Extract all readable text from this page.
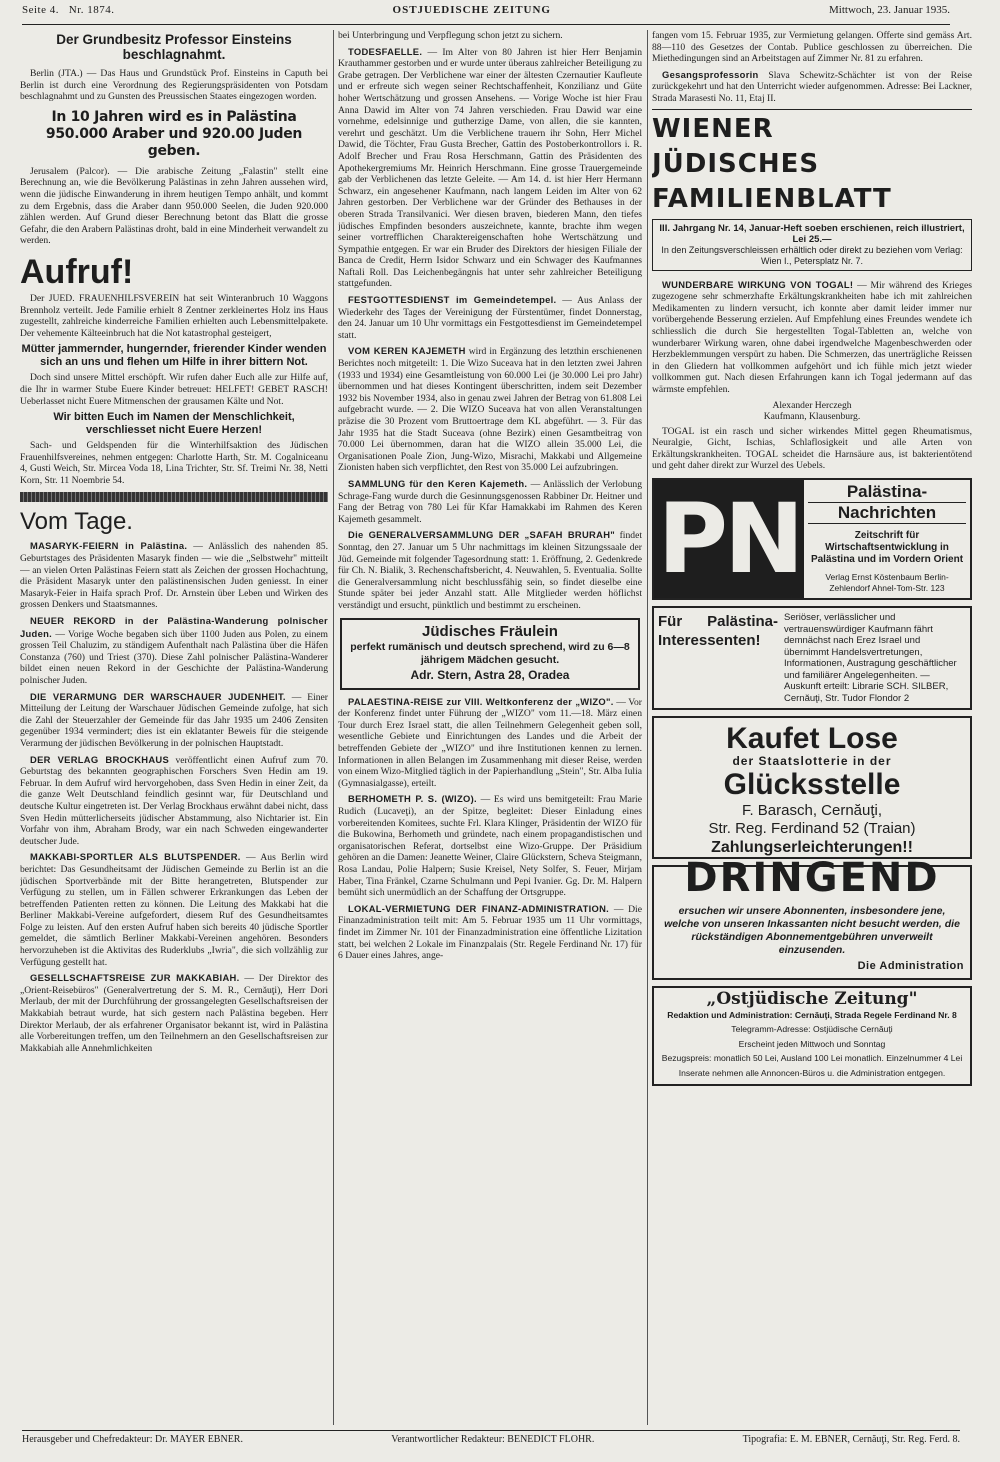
Seite 4. Nr. 1874.	OSTJUEDISCHE ZEITUNG	Mittwoch, 23. Januar 1935.
Der Grundbesitz Professor Einsteins beschlagnahmt.

Berlin (JTA.) — Das Haus und Grundstück Prof. Einsteins in Caputh bei Berlin ist durch eine Verordnung des Regierungspräsidenten von Potsdam beschlagnahmt und zu Gunsten des Preussischen Staates eingezogen worden.

In 10 Jahren wird es in Palästina 950.000 Araber und 920.00 Juden geben.

Jerusalem (Palcor). — Die arabische Zeitung „Falastin" stellt eine Berechnung an, wie die Bevölkerung Palästinas in zehn Jahren aussehen wird, wenn die jüdische Einwanderung in ihrem heutigen Tempo anhält, und kommt zu dem Ergebnis, dass die Araber dann 950.000 Seelen, die Juden 920.000 zählen werden. Auf Grund dieser Berechnung betont das Blatt die grosse Gefahr, die den Arabern Palästinas droht, bald in eine Minderheit verwandelt zu werden.

Aufruf!

Der JUED. FRAUENHILFSVEREIN hat seit Winteranbruch 10 Waggons Brennholz verteilt. Jede Familie erhielt 8 Zentner zerkleinertes Holz ins Haus zugestellt, zahlreiche kinderreiche Familien erhielten auch Lebensmittelpakete. Der vehemente Kälteeinbruch hat die Not katastrophal gesteigert,

Mütter jammernder, hungernder, frierender Kinder wenden sich an uns und flehen um Hilfe in ihrer bittern Not.

Doch sind unsere Mittel erschöpft. Wir rufen daher Euch alle zur Hilfe auf, die Ihr in warmer Stube Euere Kinder betreuet: HELFET! GEBET RASCH! Ueberlasset nicht Euere Mitmenschen der grausamen Kälte und Not.

Wir bitten Euch im Namen der Menschlichkeit, verschliesset nicht Euere Herzen!

Sach- und Geldspenden für die Winterhilfsaktion des Jüdischen Frauenhilfsvereines, nehmen entgegen: Charlotte Harth, Str. M. Cogalniceanu 4, Gusti Weich, Str. Mircea Voda 18, Lina Trichter, Str. Sf. Treimi Nr. 38, Netti Korn, Str. 11 Noembrie 54.

Vom Tage.

MASARYK-FEIERN in Palästina. — Anlässlich des nahenden 85. Geburtstages des Präsidenten Masaryk finden — wie die „Selbstwehr" mitteilt — an vielen Orten Palästinas Feiern statt als Zeichen der grossen Hochachtung, die Präsident Masaryk unter den palästinensischen Juden geniesst. In einer Masaryk-Feier in Haifa sprach Prof. Dr. Arnstein über Leben und Wirken des grossen Denkers und Staatsmannes.

NEUER REKORD in der Palästina-Wanderung polnischer Juden. — Vorige Woche begaben sich über 1100 Juden aus Polen, zu einem grossen Teil Chaluzim, zu ständigem Aufenthalt nach Palästina über die Häfen Constanza (760) und Triest (370). Diese Zahl polnischer Palästina-Wanderer bildet einen neuen Rekord in der Geschichte der Palästina-Wanderung polnischer Juden.

DIE VERARMUNG DER WARSCHAUER JUDENHEIT. — Einer Mitteilung der Leitung der Warschauer Jüdischen Gemeinde zufolge, hat sich die Zahl der Steuerzahler der Gemeinde für das Jahr 1935 um 2406 Zensiten gegenüber 1934 vermindert; dies ist ein eklatanter Beweis für die steigende Verarmung der jüdischen Bevölkerung in der polnischen Hauptstadt.

DER VERLAG BROCKHAUS veröffentlicht einen Aufruf zum 70. Geburtstag des bekannten geographischen Forschers Sven Hedin am 19. Februar. In dem Aufruf wird hervorgehoben, dass Sven Hedin in einer Zeit, da die ganze Welt Deutschland feindlich gesinnt war, für Deutschland und deutsche Kultur eingetreten ist. Der Verlag Brockhaus erwähnt dabei nicht, dass Sven Hedin mütterlicherseits jüdischer Abstammung, also Nichtarier ist. Ein Vorfahr von ihm, Abraham Brody, war ein nach Schweden eingewanderter deutscher Jude.

MAKKABI-SPORTLER ALS BLUTSPENDER. — Aus Berlin wird berichtet: Das Gesundheitsamt der Jüdischen Gemeinde zu Berlin ist an die jüdischen Sportverbände mit der Bitte herangetreten, Blutspender zur Verfügung zu stellen, um in Fällen schwerer Erkrankungen das Leben der betreffenden Patienten retten zu können. Die Leitung des Makkabi hat die Berliner Makkabi-Vereine aufgefordert, diesem Ruf des Gesundheitsamtes Folge zu leisten. Auf den ersten Aufruf haben sich bereits 40 jüdische Sportler gemeldet, die sämtlich Berliner Makkabi-Vereinen angehören. Besonders hervorzuheben ist die Aktivitas des Ruderklubs „Iwria", die sich vollzählig zur Verfügung gestellt hat.

GESELLSCHAFTSREISE ZUR MAKKABIAH. — Der Direktor des „Orient-Reisebüros" (Generalvertretung der S. M. R., Cernăuţi), Herr Dori Merlaub, der mit der Durchführung der grossangelegten Gesellschaftsreisen der Makkabiah betraut wurde, hat sich gestern nach Palästina begeben. Herr Direktor Merlaub, der als erfahrener Organisator bekannt ist, wird in Palästina alle Vorbereitungen treffen, um den Teilnehmern an den Gesellschaftsreisen zur Makkabiah alle Annehmlichkeiten

bei Unterbringung und Verpflegung schon jetzt zu sichern.

TODESFAELLE. — Im Alter von 80 Jahren ist hier Herr Benjamin Krauthammer gestorben und er wurde unter überaus zahlreicher Beteiligung zu Grabe getragen. Der Verblichene war einer der ältesten Czernautier Kaufleute und er erfreute sich wegen seiner Rechtschaffenheit, Konzilianz und Güte hoher Wertschätzung und grossen Ansehens. — Vorige Woche ist hier Frau Anna Dawid im Alter von 74 Jahren verschieden. Frau Dawid war eine vornehme, edelsinnige und gutherzige Dame, von allen, die sie kannten, verehrt und geschätzt. Um die Verblichene trauern ihr Sohn, Herr Michel Dawid, die Töchter, Frau Gusta Brecher, Gattin des Postoberkontrollors i. R. Adolf Brecher und Frau Rosa Herschmann, Gattin des Präsidenten des Apothekergremiums Mr. Heinrich Herschmann. Eine grosse Trauergemeinde gab der Verblichenen das letzte Geleite. — Am 14. d. ist hier Herr Hermann Schwarz, ein angesehener Kaufmann, nach langem Leiden im Alter von 62 Jahren gestorben. Der Verblichene war der Gründer des Bethauses in der oberen Strada Transilvanici. Wer diesen braven, biederen Mann, den tiefes jüdisches Empfinden besonders auszeichnete, kannte, brachte ihm wegen seiner vortrefflichen Charaktereigenschaften hohe Wertschätzung und Sympathie entgegen. Er war ein Bruder des Direktors der hiesigen Filiale der Banca de Credit, Herrn Isidor Schwarz und ein Schwager des Kaufmannes Naftali Roll. Das Leichenbegängnis hat unter sehr zahlreicher Beteiligung stattgefunden.

FESTGOTTESDIENST im Gemeindetempel. — Aus Anlass der Wiederkehr des Tages der Vereinigung der Fürstentümer, findet Donnerstag, den 24. Januar um 10 Uhr vormittags ein Festgottesdienst im Gemeindetempel statt.

VOM KEREN KAJEMETH wird in Ergänzung des letzthin erschienenen Berichtes noch mitgeteilt: 1. Die Wizo Suceava hat in den letzten zwei Jahren (1933 und 1934) eine Gesamtleistung von 60.000 Lei (je 30.000 Lei pro Jahr) übernommen und hat dieses Kontingent überschritten, indem seit Dezember 1932 bis November 1934, also in genau zwei Jahren der Betrag von 61.808 Lei aufgebracht wurde. — 2. Die WIZO Suceava hat von allen Veranstaltungen präzise die 30 Prozent vom Bruttoertrage dem KL abgeführt. — 3. Für das Jahr 1935 hat die Stadt Suceava (ohne Bezirk) einen Gesamtbeitrag von 70.000 Lei übernommen, daran hat die WIZO allein 35.000 Lei, die Organisationen Poale Zion, Jung-Wizo, Misrachi, Makkabi und Allgemeine Zionisten haben sich verpflichtet, den Rest von 35.000 Lei aufzubringen.

SAMMLUNG für den Keren Kajemeth. — Anlässlich der Verlobung Schrage-Fang wurde durch die Gesinnungsgenossen Rabbiner Dr. Heitner und Fang der Betrag von 780 Lei für Kfar Hamakkabi im Rahmen des Keren Kajemeth gesammelt.

Die GENERALVERSAMMLUNG DER „SAFAH BRURAH" findet Sonntag, den 27. Januar um 5 Uhr nachmittags im kleinen Sitzungssaale der Jüd. Gemeinde mit folgender Tagesordnung statt: 1. Eröffnung, 2. Gedenkrede für Ch. N. Bialik, 3. Rechenschaftsbericht, 4. Neuwahlen, 5. Eventualia. Sollte die Generalversammlung nicht beschlussfähig sein, so findet dieselbe eine Stunde später bei jeder Anzahl statt. Alle Mitglieder werden höflichst verständigt und ersucht, pünktlich und bestimmt zu erscheinen.

Jüdisches Fräulein
perfekt rumänisch und deutsch sprechend, wird zu 6—8 jährigem Mädchen gesucht.
Adr. Stern, Astra 28, Oradea

PALAESTINA-REISE zur VIII. Weltkonferenz der „WIZO". — Vor der Konferenz findet unter Führung der „WIZO" vom 11.—18. März einen Tour durch Erez Israel statt, die allen Teilnehmern Gelegenheit geben soll, wesentliche Gebiete und Einrichtungen des Landes und die Arbeit der betreffenden Gebiete der „WIZO" und ihre Institutionen kennen zu lernen. Informationen in allen Belangen im Zusammenhang mit dieser Reise, werden von einem Wizo-Mitglied täglich in der Papierhandlung „Stein", Str. Alba Iulia (Gymnasialgasse), erteilt.

BERHOMETH P. S. (WIZO). — Es wird uns bemitgeteilt: Frau Marie Rudich (Lucaveţi), an der Spitze, begleitet: Dieser Einladung eines vorbereitenden Komitees, suchte Frl. Klara Klinger, Präsidentin der WIZO für die Bukowina, Berhometh und gründete, nach einem propagandistischen und organisatorischen Referat, dortselbst eine Wizo-Gruppe. Der Präsidium gehören an die Damen: Jeanette Weiner, Claire Glückstern, Scheva Steigmann, Rosa Landau, Polie Halpern; Susie Kreisel, Nety Solfer, S. Feuer, Mirjam Haber, Tina Fränkel, Czarne Schulmann und Pepi Ivanier. Gg. Dr. M. Halpern bemüht sich unermüdlich an der Schaffung der Ortsgruppe.

LOKAL-VERMIETUNG DER FINANZ-ADMINISTRATION. — Die Finanzadministration teilt mit: Am 5. Februar 1935 um 11 Uhr vormittags, findet im Zimmer Nr. 101 der Finanzadministration eine öffentliche Lizitation statt, bei welchen 2 Lokale im Finanzpalais (Str. Regele Ferdinand Nr. 17) für 6 Dauer eines Jahres, ange-

fangen vom 15. Februar 1935, zur Vermietung gelangen. Offerte sind gemäss Art. 88—110 des Gesetzes der Contab. Publice geschlossen zu überreichen. Die Miethedingungen sind an Arbeitstagen auf Zimmer Nr. 81 zu erfahren.

Gesangsprofessorin Slava Schewitz-Schächter ist von der Reise zurückgekehrt und hat den Unterricht wieder aufgenommen. Adresse: Bei Lackner, Strada Marasesti No. 11, Etaj II.

WIENER
JÜDISCHES
FAMILIENBLATT
III. Jahrgang Nr. 14, Januar-Heft soeben erschienen, reich illustriert, Lei 25.—
In den Zeitungsverschleissen erhältlich oder direkt zu beziehen vom Verlag: Wien I., Petersplatz Nr. 7.

WUNDERBARE WIRKUNG VON TOGAL! — Mir während des Krieges zugezogene sehr schmerzhafte Erkältungskrankheiten habe ich mit zahlreichen Medikamenten zu lindern versucht, ich konnte aber damit leider immer nur vorübergehende Besserung erzielen. Auf Empfehlung eines Freundes wendete ich schliesslich die durch Sie hergestellten Togal-Tabletten an, welche von wunderbarer Wirkung waren, ohne dabei irgendwelche Magenbeschwerden oder Herzbeklemmungen verspürt zu haben. Die Schmerzen, das unerträgliche Reissen in den Gliedern hat vollkommen aufgehört und ich fühle mich jetzt wieder vollkommen gut. Nach diesen Erfahrungen kann ich Togal jedermann auf das wärmste empfehlen.

Alexander Herczegh
Kaufmann, Klausenburg.

TOGAL ist ein rasch und sicher wirkendes Mittel gegen Rheumatismus, Neuralgie, Gicht, Ischias, Schlaflosigkeit und alle Arten von Erkältungskrankheiten. TOGAL scheidet die Harnsäure aus, ist bakterientötend und geht daher direkt zur Wurzel des Uebels.

PN	Palästina-
Nachrichten
Zeitschrift für Wirtschaftsentwicklung in Palästina und im Vordern Orient
Verlag Ernst Köstenbaum Berlin-Zehlendorf Ahnel-Tom-Str. 123
Für Palästina-Interessenten!
Seriöser, verlässlicher und vertrauenswürdiger Kaufmann fährt demnächst nach Erez Israel und übernimmt Handelsvertretungen, Informationen, Austragung geschäftlicher und familiärer Angelegenheiten. — Auskunft erteilt: Librarie SCH. SILBER, Cernăuţi, Str. Tudor Flondor 2
Kaufet Lose
der Staatslotterie in der
Glücksstelle
F. Barasch, Cernăuţi,
Str. Reg. Ferdinand 52 (Traian)
Zahlungserleichterungen!!
DRINGEND
ersuchen wir unsere Abonnenten, insbesondere jene, welche von unseren Inkassanten nicht besucht werden, die rückständigen Abonnementgebühren unverweilt einzusenden.
Die Administration
„Ostjüdische Zeitung"
Redaktion und Administration: Cernăuţi, Strada Regele Ferdinand Nr. 8
Telegramm-Adresse: Ostjüdische Cernăuţi
Erscheint jeden Mittwoch und Sonntag
Bezugspreis: monatlich 50 Lei, Ausland 100 Lei monatlich. Einzelnummer 4 Lei
Inserate nehmen alle Annoncen-Büros u. die Administration entgegen.
Herausgeber und Chefredakteur: Dr. MAYER EBNER.	Verantwortlicher Redakteur: BENEDICT FLOHR.	Tipografia: E. M. EBNER, Cernăuţi, Str. Reg. Ferd. 8.
